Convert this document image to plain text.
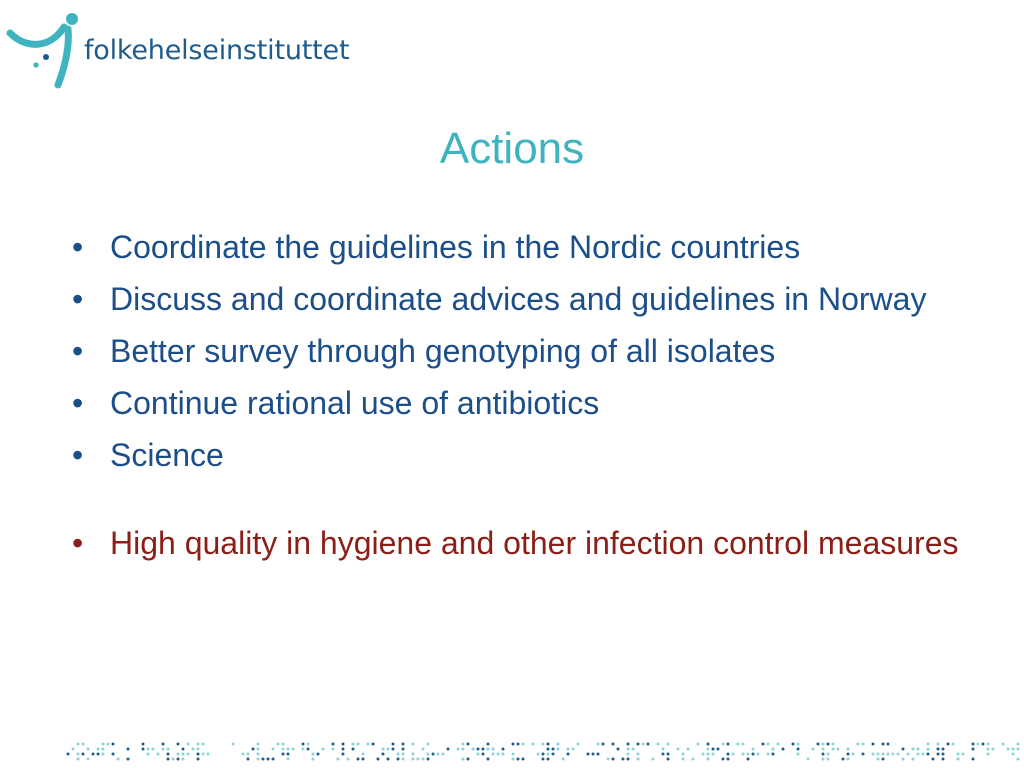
folkehelseinstituttet
Actions
• Coordinate the guidelines in the Nordic countries
• Discuss and coordinate advices and guidelines in Norway
• Better survey through genotyping of all isolates
• Continue rational use of antibiotics
• Science
• High quality in hygiene and other infection control measures
